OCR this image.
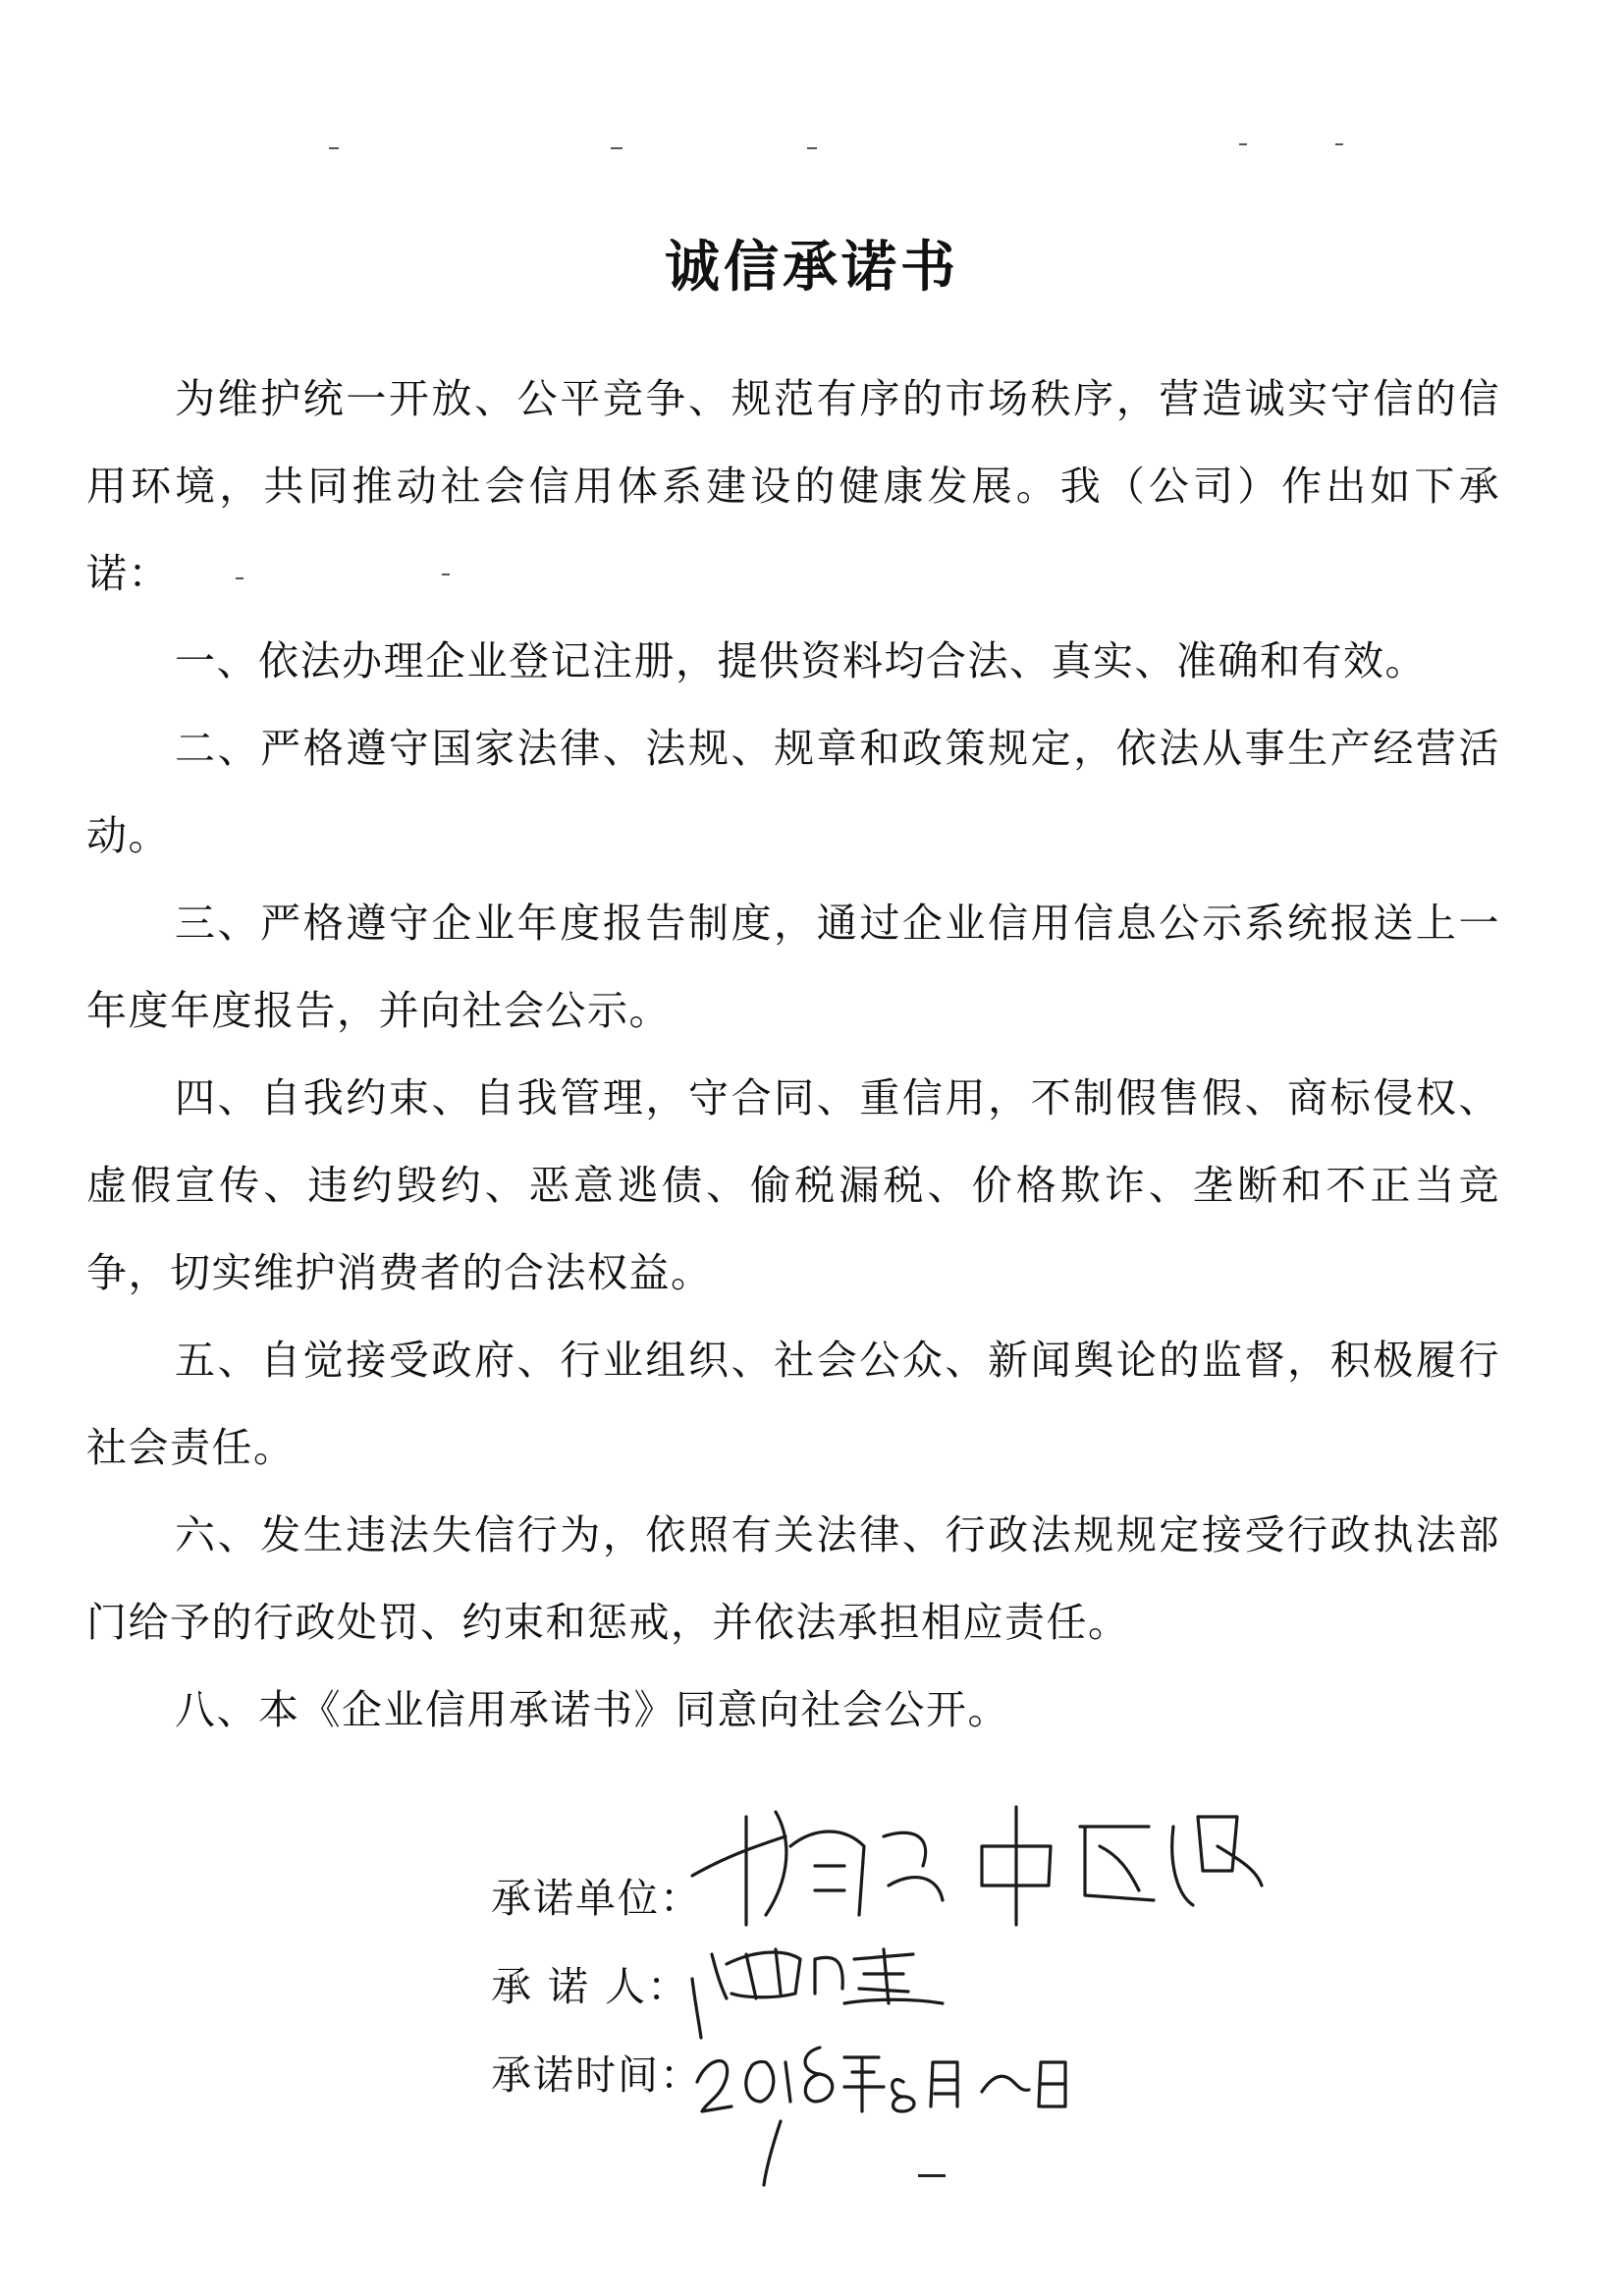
诚信承诺书

为维护统一开放、公平竞争、规范有序的市场秩序，营造诚实守信的信用环境，共同推动社会信用体系建设的健康发展。我（公司）作出如下承诺：

一、依法办理企业登记注册，提供资料均合法、真实、准确和有效。

二、严格遵守国家法律、法规、规章和政策规定，依法从事生产经营活动。

三、严格遵守企业年度报告制度，通过企业信用信息公示系统报送上一年度年度报告，并向社会公示。

四、自我约束、自我管理，守合同、重信用，不制假售假、商标侵权、虚假宣传、违约毁约、恶意逃债、偷税漏税、价格欺诈、垄断和不正当竞争，切实维护消费者的合法权益。

五、自觉接受政府、行业组织、社会公众、新闻舆论的监督，积极履行社会责任。

六、发生违法失信行为，依照有关法律、行政法规规定接受行政执法部门给予的行政处罚、约束和惩戒，并依法承担相应责任。

八、本《企业信用承诺书》同意向社会公开。

承诺单位：
承 诺 人：
承诺时间：
